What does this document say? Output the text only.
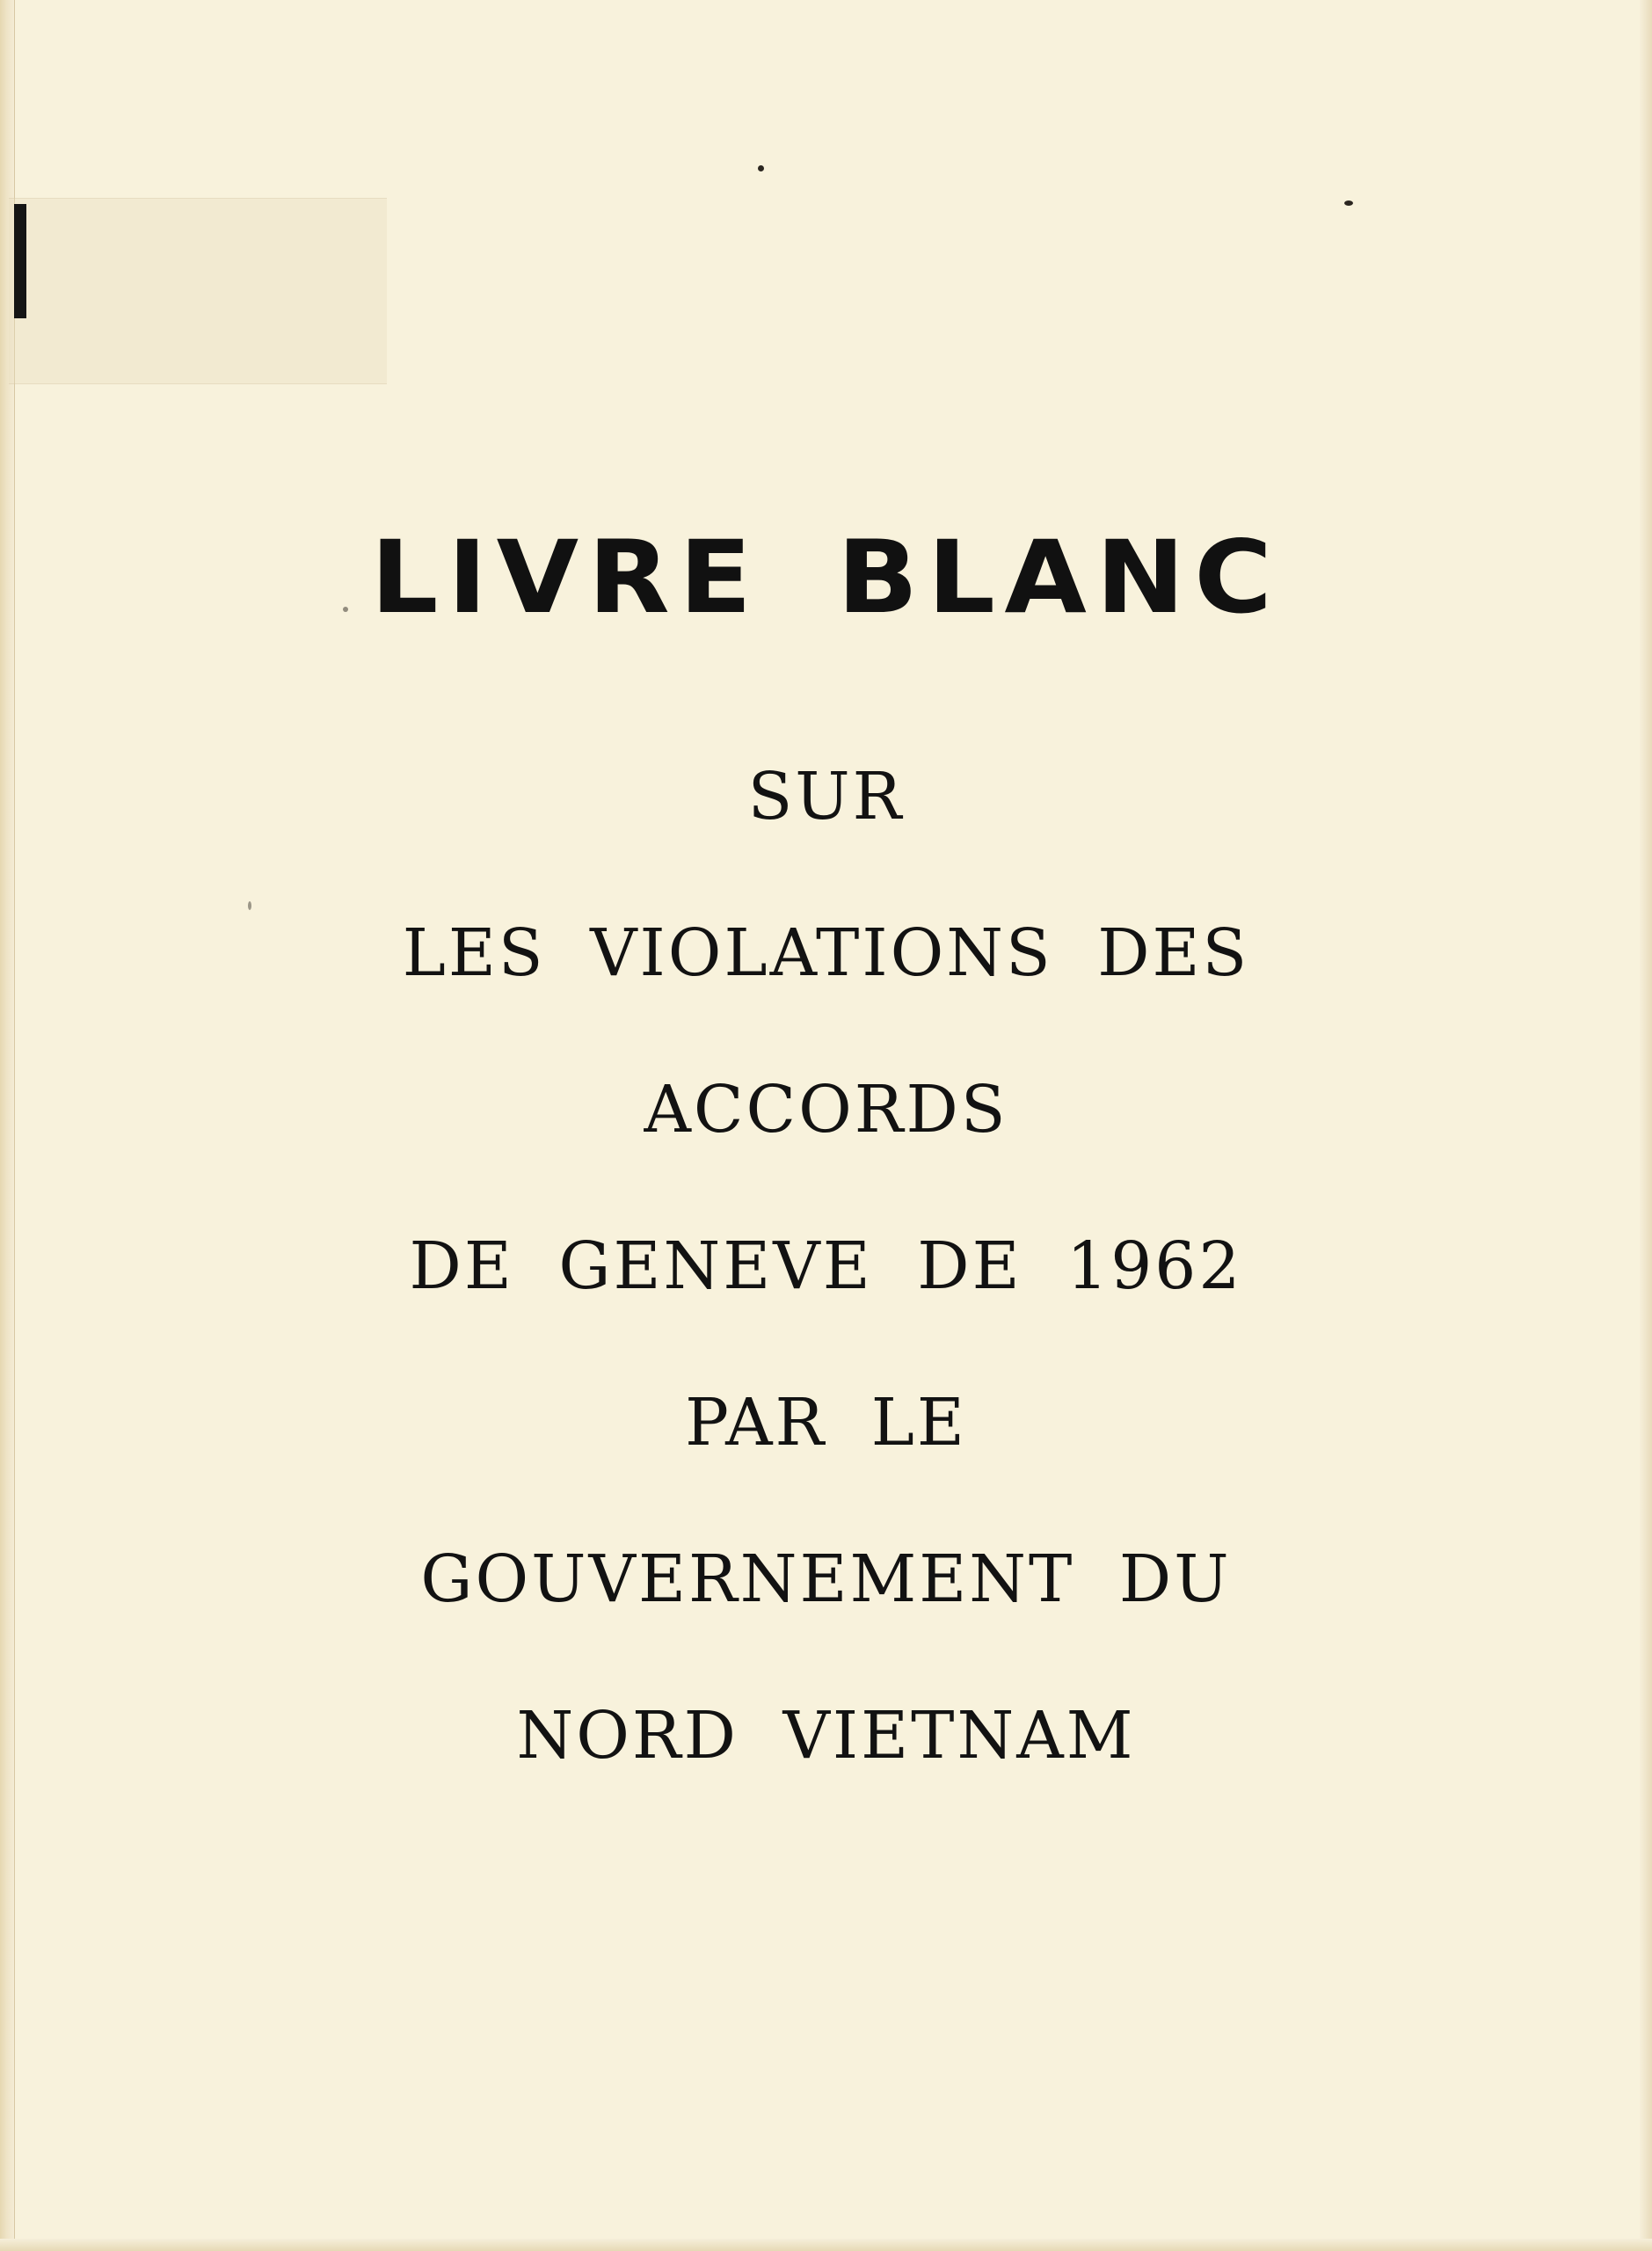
LIVRE BLANC
SUR
LES VIOLATIONS DES
ACCORDS
DE GENEVE DE 1962
PAR LE
GOUVERNEMENT DU
NORD VIETNAM
